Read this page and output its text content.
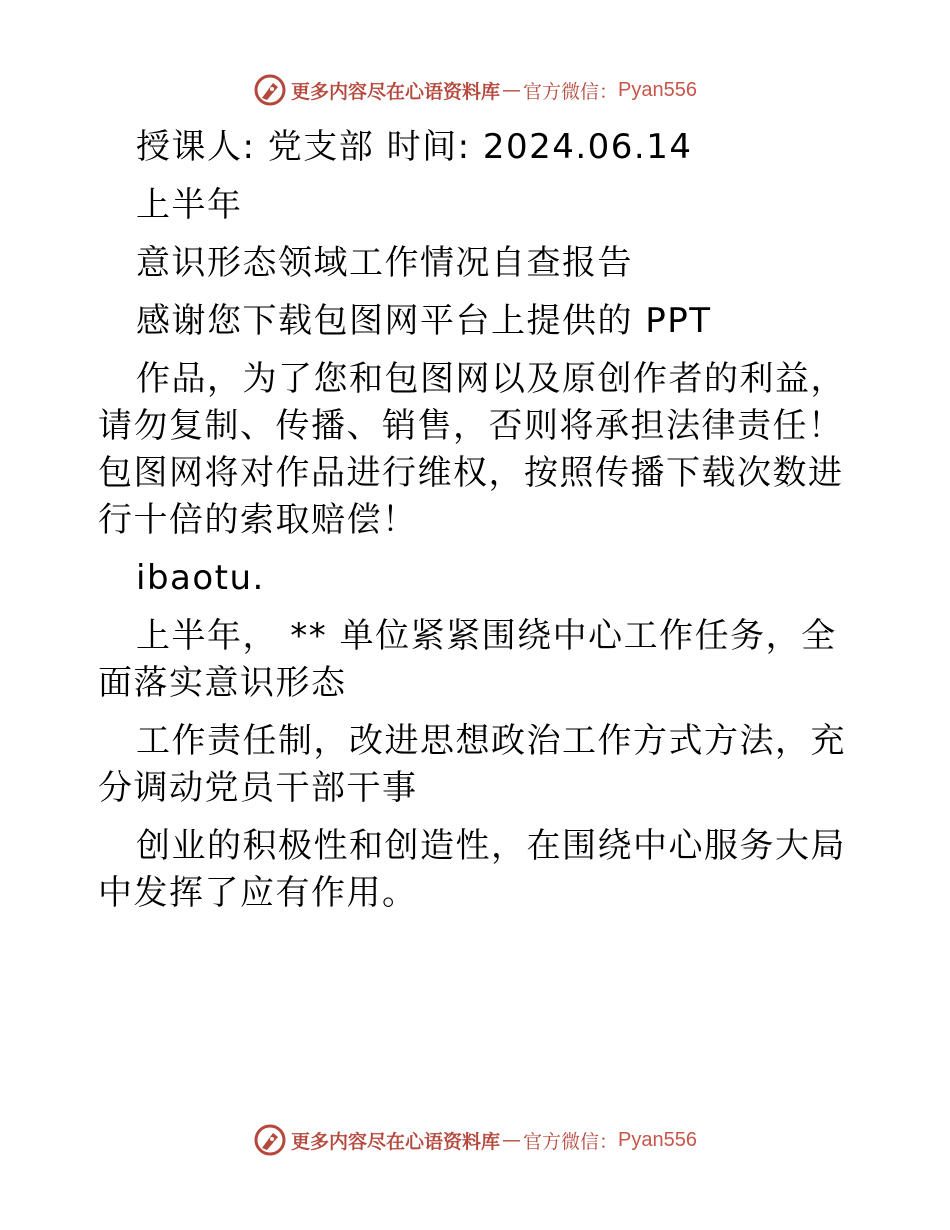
更多内容尽在心语资料库 — 官方微信： Pyan556

授课人: 党支部 时间: 2024.06.14

上半年

意识形态领域工作情况自查报告

感谢您下载包图网平台上提供的 PPT

作品，为了您和包图网以及原创作者的利益，请勿复制、传播、销售，否则将承担法律责任！包图网将对作品进行维权，按照传播下载次数进行十倍的索取赔偿！

ibaotu.

上半年， ** 单位紧紧围绕中心工作任务，全面落实意识形态

工作责任制，改进思想政治工作方式方法，充分调动党员干部干事

创业的积极性和创造性，在围绕中心服务大局中发挥了应有作用。

更多内容尽在心语资料库 — 官方微信： Pyan556
